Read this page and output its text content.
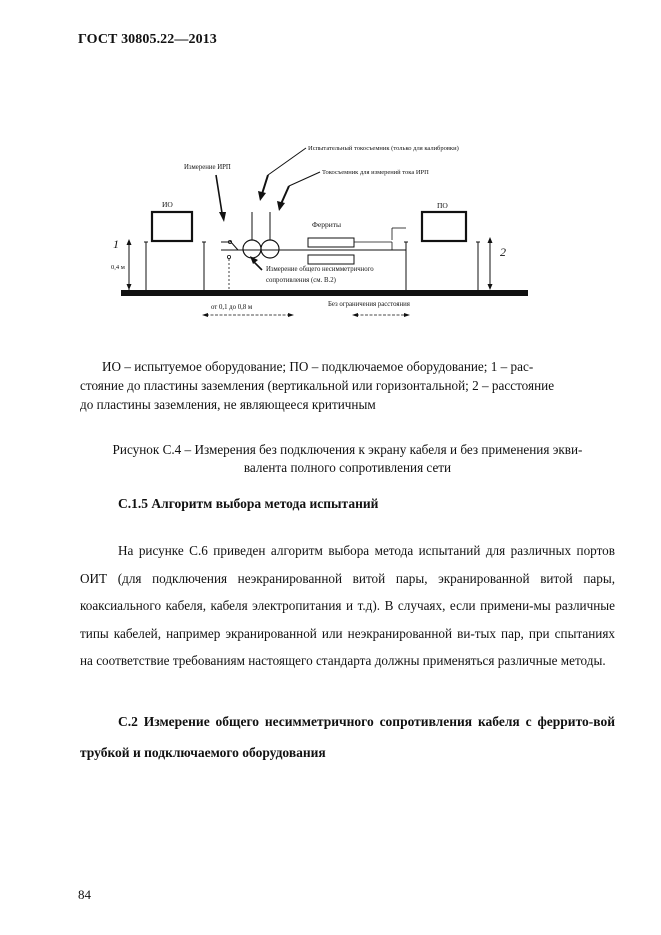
ГОСТ 30805.22—2013
ИО	ПО
1
0,4 м
2
Ферриты
Испытательный токосъемник (только для калибровки)
Токосъемник для измерений тока ИРП
Измерение ИРП
Измерение общего несимметричного
сопротивления (см. В.2)
от 0,1 до 0,8 м	Без ограничения расстояния

ИО – испытуемое оборудование; ПО – подключаемое оборудование; 1 – рас-

стояние до пластины заземления (вертикальной или горизонтальной; 2 – расстояние

до пластины заземления, не являющееся критичным

Рисунок С.4 – Измерения без подключения к экрану кабеля и без применения экви-
валента полного сопротивления сети
С.1.5 Алгоритм выбора метода испытаний

На рисунке С.6 приведен алгоритм выбора метода испытаний для различных портов ОИТ (для подключения неэкранированной витой пары, экранированной витой пары, коаксиального кабеля, кабеля электропитания и т.д). В случаях, если примени-мы различные типы кабелей, например экранированной или неэкранированной ви-тых пар, при спытаниях на соответствие требованиям настоящего стандарта должны применяться различные методы.

С.2 Измерение общего несимметричного сопротивления кабеля с феррито-вой трубкой и подключаемого оборудования

84
